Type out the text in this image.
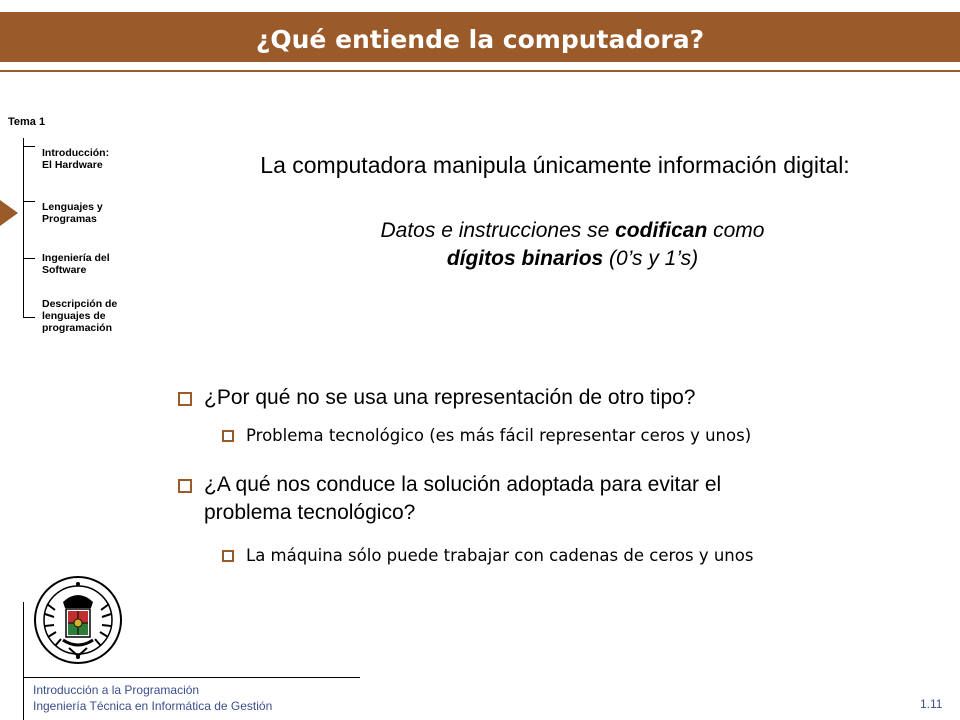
¿Qué entiende la computadora?
Tema 1
Introducción:
El Hardware
Lenguajes y
Programas
Ingeniería del
Software
Descripción de
lenguajes de
programación
La computadora manipula únicamente información digital:
Datos e instrucciones se codifican como
dígitos binarios (0’s y 1’s)
¿Por qué no se usa una representación de otro tipo?
Problema tecnológico (es más fácil representar ceros y unos)
¿A qué nos conduce la solución adoptada para evitar el
problema tecnológico?
La máquina sólo puede trabajar con cadenas de ceros y unos
Introducción a la Programación
Ingeniería Técnica en Informática de Gestión	1.11
